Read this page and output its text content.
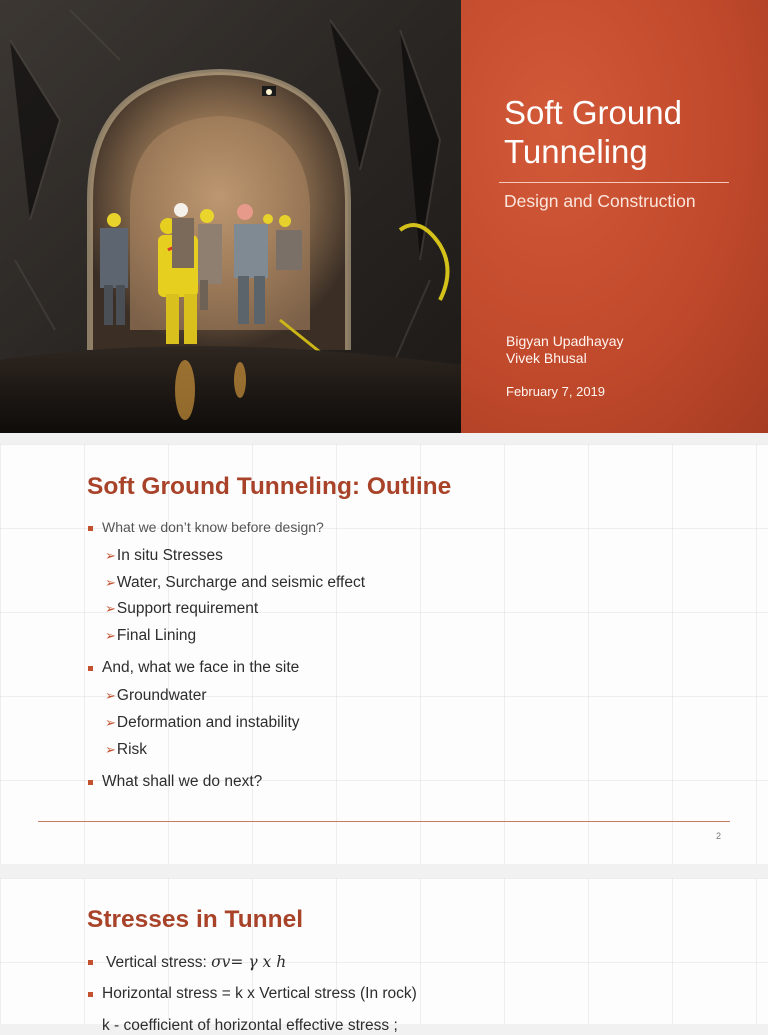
Soft Ground Tunneling
Design and Construction
Bigyan Upadhayay
Vivek Bhusal
February 7, 2019
Soft Ground Tunneling: Outline
What we don’t know before design?
➢In situ Stresses
➢Water, Surcharge and seismic effect
➢Support requirement
➢Final Lining
And, what we face in the site
➢Groundwater
➢Deformation and instability
➢Risk
What shall we do next?
2
Stresses in Tunnel
Vertical stress: σv= γ x h
Horizontal stress = k x Vertical stress (In rock)
k - coefficient of horizontal effective stress ;
